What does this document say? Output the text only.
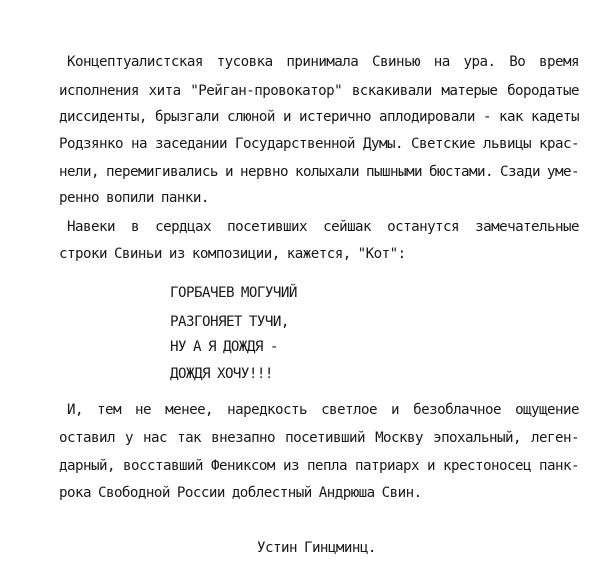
Концептуалистская тусовка принимала Свинью на ура. Во время
исполнения хита "Рейган-провокатор" вскакивали матерые бородатые
диссиденты, брызгали слюной и истерично аплодировали - как кадеты
Родзянко на заседании Государственной Думы. Светские львицы крас-
нели, перемигивались и нервно колыхали пышными бюстами. Сзади уме-
ренно вопили панки.
Навеки в сердцах посетивших сейшак останутся замечательные
строки Свиньи из композиции, кажется, "Кот":
ГОРБАЧЕВ МОГУЧИЙ
РАЗГОНЯЕТ ТУЧИ,
НУ А Я ДОЖДЯ -
ДОЖДЯ ХОЧУ!!!
И, тем не менее, наредкость светлое и безоблачное ощущение
оставил у нас так внезапно посетивший Москву эпохальный, леген-
дарный, восставший Фениксом из пепла патриарх и крестоносец панк-
рока Свободной России доблестный Андрюша Свин.
Устин Гинцминц.
